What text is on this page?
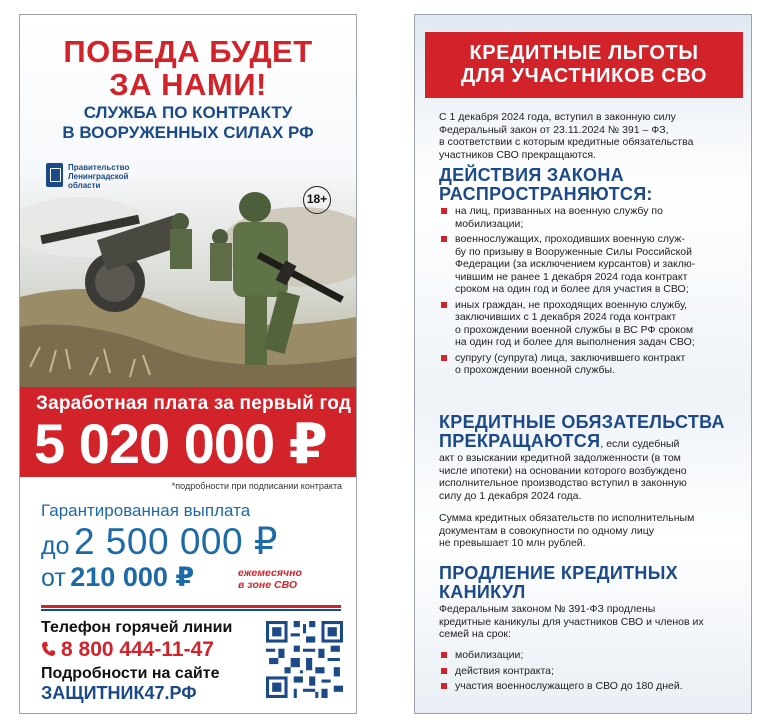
ПОБЕДА БУДЕТ
ЗА НАМИ!
СЛУЖБА ПО КОНТРАКТУ
В ВООРУЖЕННЫХ СИЛАХ РФ
Правительство
Ленинградской
области
18+
Заработная плата за первый год
5 020 000 ₽
*подробности при подписании контракта
Гарантированная выплата
до 2 500 000 ₽
от 210 000 ₽	ежемесячно
в зоне СВО
Телефон горячей линии
8 800 444-11-47
Подробности на сайте
ЗАЩИТНИК47.РФ
КРЕДИТНЫЕ ЛЬГОТЫ
ДЛЯ УЧАСТНИКОВ СВО
С 1 декабря 2024 года, вступил в законную силу
Федеральный закон от 23.11.2024 № 391 – ФЗ,
в соответствии с которым кредитные обязательства
участников СВО прекращаются.
ДЕЙСТВИЯ ЗАКОНА
РАСПРОСТРАНЯЮТСЯ:
на лиц, призванных на военную службу по
мобилизации;
военнослужащих, проходивших военную служ-
бу по призыву в Вооруженные Силы Российской
Федерации (за исключением курсантов) и заклю-
чившим не ранее 1 декабря 2024 года контракт
сроком на один год и более для участия в СВО;
иных граждан, не проходящих военную службу,
заключивших с 1 декабря 2024 года контракт
о прохождении военной службы в ВС РФ сроком
на один год и более для выполнения задач СВО;
супругу (супруга) лица, заключившего контракт
о прохождении военной службы.
КРЕДИТНЫЕ ОБЯЗАТЕЛЬСТВА
ПРЕКРАЩАЮТСЯ, если судебный
акт о взыскании кредитной задолженности (в том
числе ипотеки) на основании которого возбуждено
исполнительное производство вступил в законную
силу до 1 декабря 2024 года.
Сумма кредитных обязательств по исполнительным
документам в совокупности по одному лицу
не превышает 10 млн рублей.
ПРОДЛЕНИЕ КРЕДИТНЫХ
КАНИКУЛ
Федеральным законом № 391-ФЗ продлены
кредитные каникулы для участников СВО и членов их
семей на срок:
мобилизации;
действия контракта;
участия военнослужащего в СВО до 180 дней.
